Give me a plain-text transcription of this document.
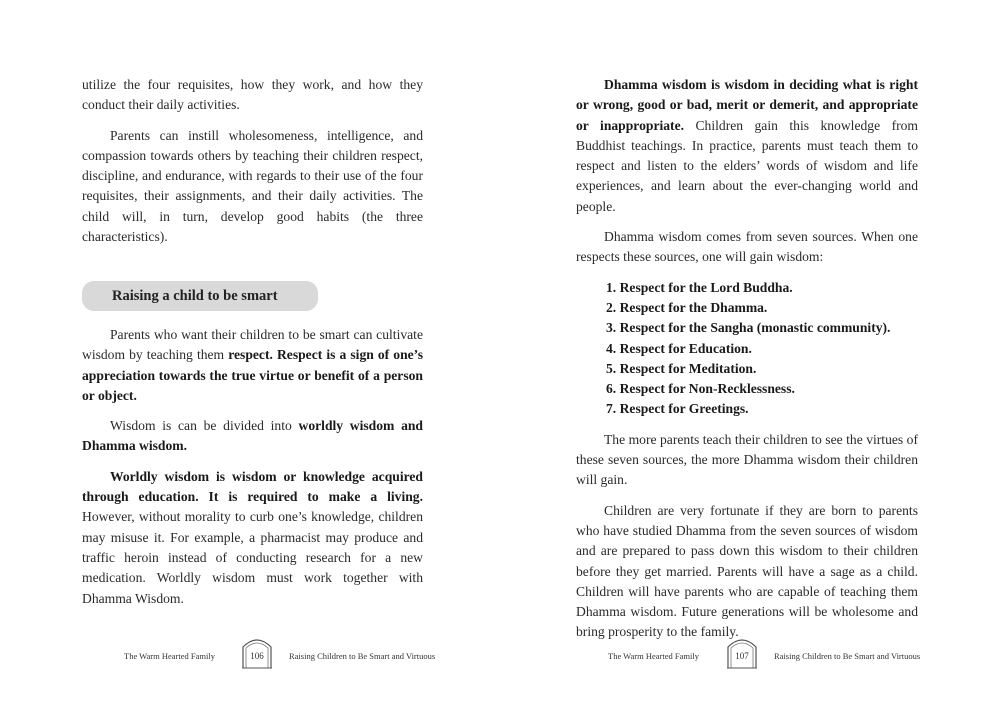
utilize the four requisites, how they work, and how they conduct their daily activities.

Parents can instill wholesomeness, intelligence, and compassion towards others by teaching their children respect, discipline, and endurance, with regards to their use of the four requisites, their assignments, and their daily activities. The child will, in turn, develop good habits (the three characteristics).

Raising a child to be smart

Parents who want their children to be smart can cultivate wisdom by teaching them respect. Respect is a sign of one’s appreciation towards the true virtue or benefit of a person or object.

Wisdom is can be divided into worldly wisdom and Dhamma wisdom.

Worldly wisdom is wisdom or knowledge acquired through education. It is required to make a living. However, without morality to curb one’s knowledge, children may misuse it. For example, a pharmacist may produce and traffic heroin instead of conducting research for a new medication. Worldly wisdom must work together with Dhamma Wisdom.

The Warm Hearted Family	106	Raising Children to Be Smart and Virtuous

Dhamma wisdom is wisdom in deciding what is right or wrong, good or bad, merit or demerit, and appropriate or inappropriate. Children gain this knowledge from Buddhist teachings. In practice, parents must teach them to respect and listen to the elders’ words of wisdom and life experiences, and learn about the ever-changing world and people.

Dhamma wisdom comes from seven sources. When one respects these sources, one will gain wisdom:

1. Respect for the Lord Buddha.
2. Respect for the Dhamma.
3. Respect for the Sangha (monastic community).
4. Respect for Education.
5. Respect for Meditation.
6. Respect for Non-Recklessness.
7. Respect for Greetings.

The more parents teach their children to see the virtues of these seven sources, the more Dhamma wisdom their children will gain.

Children are very fortunate if they are born to parents who have studied Dhamma from the seven sources of wisdom and are prepared to pass down this wisdom to their children before they get married. Parents will have a sage as a child. Children will have parents who are capable of teaching them Dhamma wisdom. Future generations will be wholesome and bring prosperity to the family.

The Warm Hearted Family	107	Raising Children to Be Smart and Virtuous
